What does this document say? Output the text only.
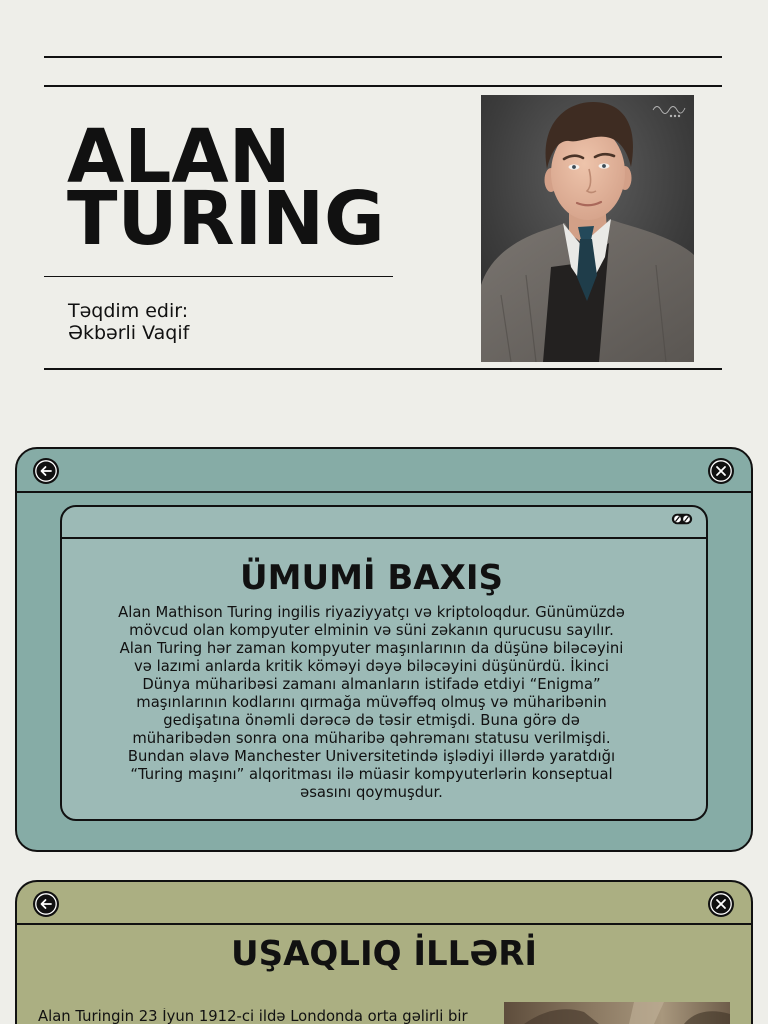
ALAN
TURING
Təqdim edir:
Əkbərli Vaqif
ÜMUMİ BAXIŞ
Alan Mathison Turing ingilis riyaziyyatçı və kriptoloqdur. Günümüzdə
mövcud olan kompyuter elminin və süni zəkanın qurucusu sayılır.
Alan Turing hər zaman kompyuter maşınlarının da düşünə biləcəyini
və lazımi anlarda kritik köməyi dəyə biləcəyini düşünürdü. İkinci
Dünya müharibəsi zamanı almanların istifadə etdiyi “Enigma”
maşınlarının kodlarını qırmağa müvəffəq olmuş və müharibənin
gedişatına önəmli dərəcə də təsir etmişdi. Buna görə də
müharibədən sonra ona müharibə qəhrəmanı statusu verilmişdi.
Bundan əlavə Manchester Universitetində işlədiyi illərdə yaratdığı
“Turing maşını” alqoritması ilə müasir kompyuterlərin konseptual
əsasını qoymuşdur.
UŞAQLIQ İLLƏRİ
Alan Turingin 23 İyun 1912-ci ildə Londonda orta gəlirli bir
